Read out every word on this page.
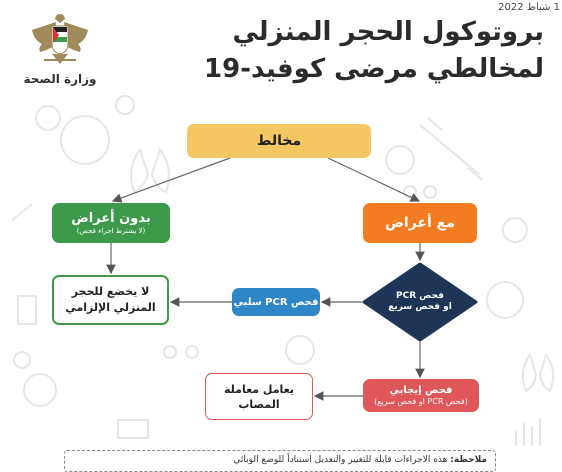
1 شباط 2022
بروتوكول الحجر المنزلي
لمخالطي مرضى كوفيد-19
وزارة الصحة
مخالط
بدون أعراض
(لا يشترط اجراء فحص)	مع أعراض
لا يخضع للحجر المنزلي الإلزامي	فحص PCR سلبي
فحص PCR
او فحص سريع
فحص إيجابي
(فحص PCR او فحص سريع)
يعامل معاملة المصاب
ملاحظة: هذه الاجراءات قابلة للتغيير والتعديل استناداً للوضع الوبائي
